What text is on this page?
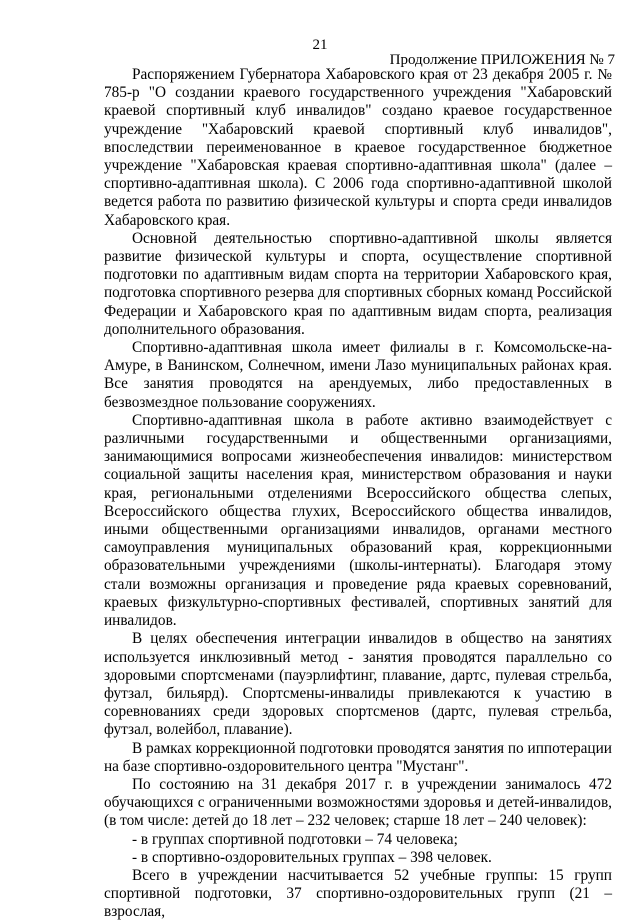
21
Продолжение ПРИЛОЖЕНИЯ № 7

Распоряжением Губернатора Хабаровского края от 23 декабря 2005 г. № 785-р "О создании краевого государственного учреждения "Хабаровский краевой спортивный клуб инвалидов" создано краевое государственное учреждение "Хабаровский краевой спортивный клуб инвалидов", впоследствии переименованное в краевое государственное бюджетное учреждение "Хабаровская краевая спортивно-адаптивная школа" (далее – спортивно-адаптивная школа). С 2006 года спортивно-адаптивной школой ведется работа по развитию физической культуры и спорта среди инвалидов Хабаровского края.

Основной деятельностью спортивно-адаптивной школы является развитие физической культуры и спорта, осуществление спортивной подготовки по адаптивным видам спорта на территории Хабаровского края, подготовка спортивного резерва для спортивных сборных команд Российской Федерации и Хабаровского края по адаптивным видам спорта, реализация дополнительного образования.

Спортивно-адаптивная школа имеет филиалы в г. Комсомольске-на-Амуре, в Ванинском, Солнечном, имени Лазо муниципальных районах края. Все занятия проводятся на арендуемых, либо предоставленных в безвозмездное пользование сооружениях.

Спортивно-адаптивная школа в работе активно взаимодействует с различными государственными и общественными организациями, занимающимися вопросами жизнеобеспечения инвалидов: министерством социальной защиты населения края, министерством образования и науки края, региональными отделениями Всероссийского общества слепых, Всероссийского общества глухих, Всероссийского общества инвалидов, иными общественными организациями инвалидов, органами местного самоуправления муниципальных образований края, коррекционными образовательными учреждениями (школы-интернаты). Благодаря этому стали возможны организация и проведение ряда краевых соревнований, краевых физкультурно-спортивных фестивалей, спортивных занятий для инвалидов.

В целях обеспечения интеграции инвалидов в общество на занятиях используется инклюзивный метод - занятия проводятся параллельно со здоровыми спортсменами (пауэрлифтинг, плавание, дартс, пулевая стрельба, футзал, бильярд). Спортсмены-инвалиды привлекаются к участию в соревнованиях среди здоровых спортсменов (дартс, пулевая стрельба, футзал, волейбол, плавание).

В рамках коррекционной подготовки проводятся занятия по иппотерации на базе спортивно-оздоровительного центра "Мустанг".

По состоянию на 31 декабря 2017 г. в учреждении занималось 472 обучающихся с ограниченными возможностями здоровья и детей-инвалидов, (в том числе: детей до 18 лет – 232 человек; старше 18 лет – 240 человек):

- в группах спортивной подготовки – 74 человека;

- в спортивно-оздоровительных группах – 398 человек.

Всего в учреждении насчитывается 52 учебные группы: 15 групп спортивной подготовки, 37 спортивно-оздоровительных групп (21 – взрослая,
